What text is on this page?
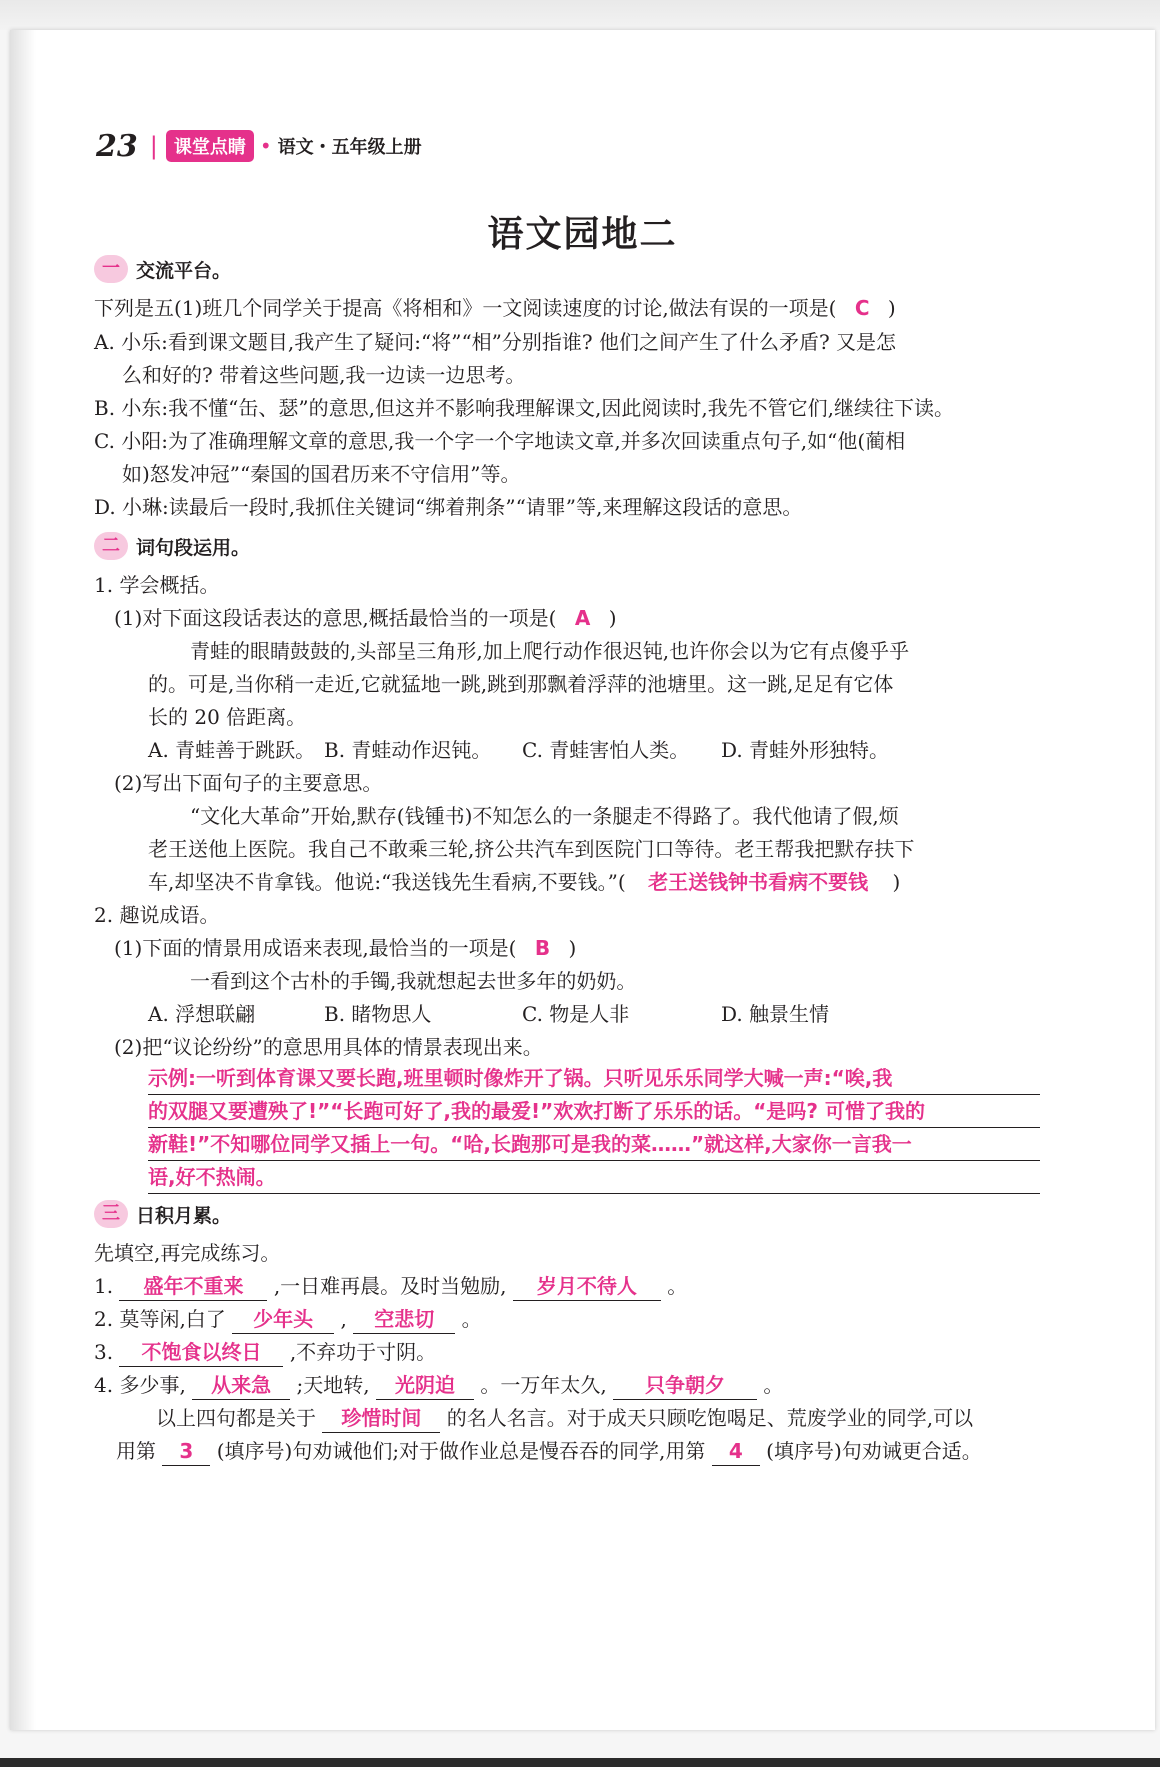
23 | 课堂点睛 • 语文・五年级上册
语文园地二
一 交流平台。
下列是五(1)班几个同学关于提高《将相和》一文阅读速度的讨论,做法有误的一项是( C )
A. 小乐:看到课文题目,我产生了疑问:“将”“相”分别指谁? 他们之间产生了什么矛盾? 又是怎
么和好的? 带着这些问题,我一边读一边思考。
B. 小东:我不懂“缶、瑟”的意思,但这并不影响我理解课文,因此阅读时,我先不管它们,继续往下读。
C. 小阳:为了准确理解文章的意思,我一个字一个字地读文章,并多次回读重点句子,如“他(蔺相
如)怒发冲冠”“秦国的国君历来不守信用”等。
D. 小琳:读最后一段时,我抓住关键词“绑着荆条”“请罪”等,来理解这段话的意思。
二 词句段运用。
1. 学会概括。
(1)对下面这段话表达的意思,概括最恰当的一项是( A )
青蛙的眼睛鼓鼓的,头部呈三角形,加上爬行动作很迟钝,也许你会以为它有点傻乎乎
的。可是,当你稍一走近,它就猛地一跳,跳到那飘着浮萍的池塘里。这一跳,足足有它体
长的 20 倍距离。
A. 青蛙善于跳跃。 B. 青蛙动作迟钝。 C. 青蛙害怕人类。 D. 青蛙外形独特。
(2)写出下面句子的主要意思。
“文化大革命”开始,默存(钱锺书)不知怎么的一条腿走不得路了。我代他请了假,烦
老王送他上医院。我自己不敢乘三轮,挤公共汽车到医院门口等待。老王帮我把默存扶下
车,却坚决不肯拿钱。他说:“我送钱先生看病,不要钱。”( 老王送钱钟书看病不要钱 )
2. 趣说成语。
(1)下面的情景用成语来表现,最恰当的一项是( B )
一看到这个古朴的手镯,我就想起去世多年的奶奶。
A. 浮想联翩	B. 睹物思人	C. 物是人非	D. 触景生情
(2)把“议论纷纷”的意思用具体的情景表现出来。
示例:一听到体育课又要长跑,班里顿时像炸开了锅。只听见乐乐同学大喊一声:“唉,我
的双腿又要遭殃了!”“长跑可好了,我的最爱!”欢欢打断了乐乐的话。“是吗? 可惜了我的
新鞋!”不知哪位同学又插上一句。“哈,长跑那可是我的菜……”就这样,大家你一言我一
语,好不热闹。
三 日积月累。
先填空,再完成练习。
1. 盛年不重来 ,一日难再晨。及时当勉励, 岁月不待人 。
2. 莫等闲,白了 少年头 , 空悲切 。
3. 不饱食以终日 ,不弃功于寸阴。
4. 多少事, 从来急 ;天地转, 光阴迫 。一万年太久, 只争朝夕 。
以上四句都是关于 珍惜时间 的名人名言。对于成天只顾吃饱喝足、荒废学业的同学,可以
用第 3 (填序号)句劝诫他们;对于做作业总是慢吞吞的同学,用第 4 (填序号)句劝诫更合适。
